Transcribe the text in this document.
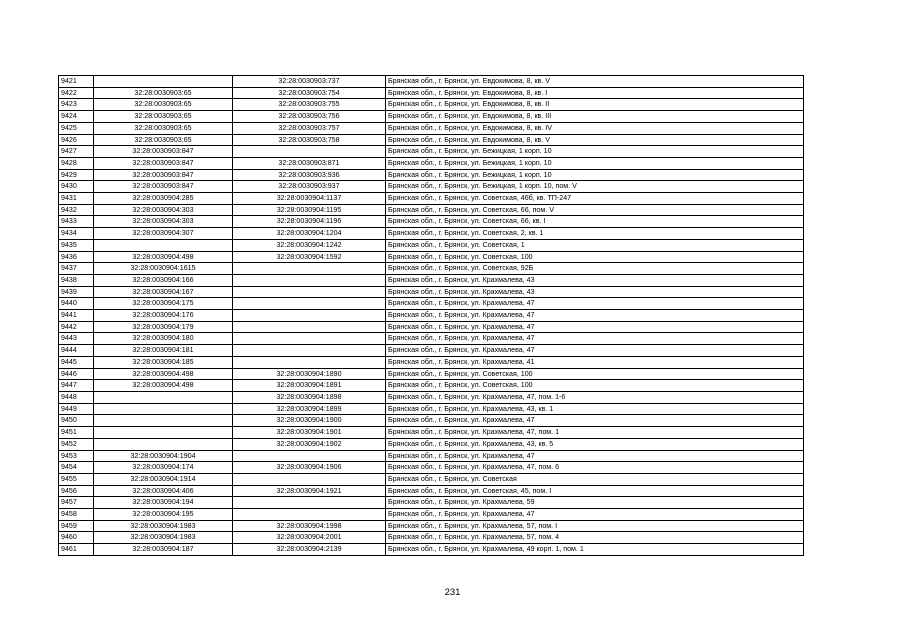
9421		32:28:0030903:737	Брянская обл., г. Брянск, ул. Евдокимова, 8, кв. V
9422	32:28:0030903:65	32:28:0030903:754	Брянская обл., г. Брянск, ул. Евдокимова, 8, кв. I
9423	32:28:0030903:65	32:28:0030903:755	Брянская обл., г. Брянск, ул. Евдокимова, 8, кв. II
9424	32:28:0030903:65	32:28:0030903:756	Брянская обл., г. Брянск, ул. Евдокимова, 8, кв. III
9425	32:28:0030903:65	32:28:0030903:757	Брянская обл., г. Брянск, ул. Евдокимова, 8, кв. IV
9426	32:28:0030903:65	32:28:0030903:758	Брянская обл., г. Брянск, ул. Евдокимова, 8, кв. V
9427	32:28:0030903:847		Брянская обл., г. Брянск, ул. Бежицкая, 1 корп. 10
9428	32:28:0030903:847	32:28:0030903:871	Брянская обл., г. Брянск, ул. Бежицкая, 1 корп. 10
9429	32:28:0030903:847	32:28:0030903:936	Брянская обл., г. Брянск, ул. Бежицкая, 1 корп. 10
9430	32:28:0030903:847	32:28:0030903:937	Брянская обл., г. Брянск, ул. Бежицкая, 1 корп. 10, пом. V
9431	32:28:0030904:285	32:28:0030904:1137	Брянская обл., г. Брянск, ул. Советская, 46б, кв. ТП-247
9432	32:28:0030904:303	32:28:0030904:1195	Брянская обл., г. Брянск, ул. Советская, 66, пом. V
9433	32:28:0030904:303	32:28:0030904:1196	Брянская обл., г. Брянск, ул. Советская, 66, кв. I
9434	32:28:0030904:307	32:28:0030904:1204	Брянская обл., г. Брянск, ул. Советская, 2, кв. 1
9435		32:28:0030904:1242	Брянская обл., г. Брянск, ул. Советская, 1
9436	32:28:0030904:498	32:28:0030904:1592	Брянская обл., г. Брянск, ул. Советская, 100
9437	32:28:0030904:1615		Брянская обл., г. Брянск, ул. Советская, 92Б
9438	32:28:0030904:166		Брянская обл., г. Брянск, ул. Крахмалева, 43
9439	32:28:0030904:167		Брянская обл., г. Брянск, ул. Крахмалева, 43
9440	32:28:0030904:175		Брянская обл., г. Брянск, ул. Крахмалева, 47
9441	32:28:0030904:176		Брянская обл., г. Брянск, ул. Крахмалева, 47
9442	32:28:0030904:179		Брянская обл., г. Брянск, ул. Крахмалева, 47
9443	32:28:0030904:180		Брянская обл., г. Брянск, ул. Крахмалева, 47
9444	32:28:0030904:181		Брянская обл., г. Брянск, ул. Крахмалева, 47
9445	32:28:0030904:185		Брянская обл., г. Брянск, ул. Крахмалева, 41
9446	32:28:0030904:498	32:28:0030904:1890	Брянская обл., г. Брянск, ул. Советская, 100
9447	32:28:0030904:498	32:28:0030904:1891	Брянская обл., г. Брянск, ул. Советская, 100
9448		32:28:0030904:1898	Брянская обл., г. Брянск, ул. Крахмалева, 47, пом. 1-6
9449		32:28:0030904:1899	Брянская обл., г. Брянск, ул. Крахмалева, 43, кв. 1
9450		32:28:0030904:1900	Брянская обл., г. Брянск, ул. Крахмалева, 47
9451		32:28:0030904:1901	Брянская обл., г. Брянск, ул. Крахмалева, 47, пом. 1
9452		32:28:0030904:1902	Брянская обл., г. Брянск, ул. Крахмалева, 43, кв. 5
9453	32:28:0030904:1904		Брянская обл., г. Брянск, ул. Крахмалева, 47
9454	32:28:0030904:174	32:28:0030904:1906	Брянская обл., г. Брянск, ул. Крахмалева, 47, пом. 6
9455	32:28:0030904:1914		Брянская обл., г. Брянск, ул. Советская
9456	32:28:0030904:406	32:28:0030904:1921	Брянская обл., г. Брянск, ул. Советская, 45, пом. I
9457	32:28:0030904:194		Брянская обл., г. Брянск, ул. Крахмалева, 59
9458	32:28:0030904:195		Брянская обл., г. Брянск, ул. Крахмалева, 47
9459	32:28:0030904:1983	32:28:0030904:1998	Брянская обл., г. Брянск, ул. Крахмалева, 57, пом. I
9460	32:28:0030904:1983	32:28:0030904:2001	Брянская обл., г. Брянск, ул. Крахмалева, 57, пом. 4
9461	32:28:0030904:187	32:28:0030904:2139	Брянская обл., г. Брянск, ул. Крахмалева, 49 корп. 1, пом. 1
231
